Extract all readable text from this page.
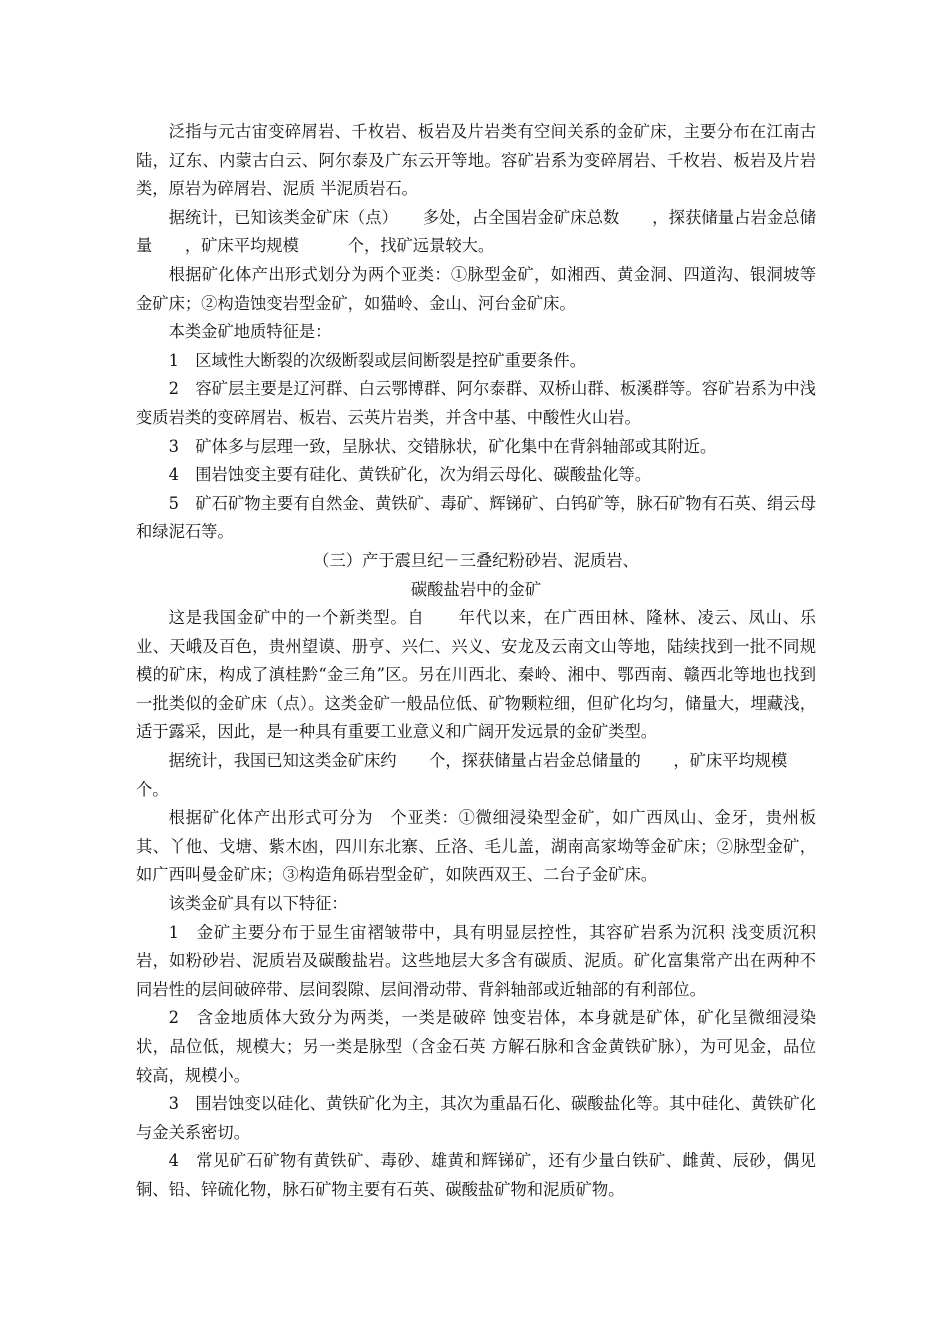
泛指与元古宙变碎屑岩、千枚岩、板岩及片岩类有空间关系的金矿床，主要分布在江南古陆，辽东、内蒙古白云、阿尔泰及广东云开等地。容矿岩系为变碎屑岩、千枚岩、板岩及片岩类，原岩为碎屑岩、泥质 半泥质岩石。

据统计，已知该类金矿床（点）　　多处，占全国岩金矿床总数　　，探获储量占岩金总储量　　，矿床平均规模　　　个，找矿远景较大。

根据矿化体产出形式划分为两个亚类：①脉型金矿，如湘西、黄金洞、四道沟、银洞坡等金矿床；②构造蚀变岩型金矿，如猫岭、金山、河台金矿床。

本类金矿地质特征是：

1　区域性大断裂的次级断裂或层间断裂是控矿重要条件。

2　容矿层主要是辽河群、白云鄂博群、阿尔泰群、双桥山群、板溪群等。容矿岩系为中浅变质岩类的变碎屑岩、板岩、云英片岩类，并含中基、中酸性火山岩。

3　矿体多与层理一致，呈脉状、交错脉状，矿化集中在背斜轴部或其附近。

4　围岩蚀变主要有硅化、黄铁矿化，次为绢云母化、碳酸盐化等。

5　矿石矿物主要有自然金、黄铁矿、毒矿、辉锑矿、白钨矿等，脉石矿物有石英、绢云母和绿泥石等。

（三）产于震旦纪－三叠纪粉砂岩、泥质岩、

碳酸盐岩中的金矿

这是我国金矿中的一个新类型。自　　年代以来，在广西田林、隆林、凌云、凤山、乐业、天峨及百色，贵州望谟、册亨、兴仁、兴义、安龙及云南文山等地，陆续找到一批不同规模的矿床，构成了滇桂黔“金三角”区。另在川西北、秦岭、湘中、鄂西南、赣西北等地也找到一批类似的金矿床（点）。这类金矿一般品位低、矿物颗粒细，但矿化均匀，储量大，埋藏浅，适于露采，因此，是一种具有重要工业意义和广阔开发远景的金矿类型。

据统计，我国已知这类金矿床约　　个，探获储量占岩金总储量的　　，矿床平均规模
个。

根据矿化体产出形式可分为　个亚类：①微细浸染型金矿，如广西凤山、金牙，贵州板其、丫他、戈塘、紫木凼，四川东北寨、丘洛、毛儿盖，湖南高家坳等金矿床；②脉型金矿，如广西叫曼金矿床；③构造角砾岩型金矿，如陕西双王、二台子金矿床。

该类金矿具有以下特征：

1　金矿主要分布于显生宙褶皱带中，具有明显层控性，其容矿岩系为沉积 浅变质沉积岩，如粉砂岩、泥质岩及碳酸盐岩。这些地层大多含有碳质、泥质。矿化富集常产出在两种不同岩性的层间破碎带、层间裂隙、层间滑动带、背斜轴部或近轴部的有利部位。

2　含金地质体大致分为两类，一类是破碎 蚀变岩体，本身就是矿体，矿化呈微细浸染状，品位低，规模大；另一类是脉型（含金石英 方解石脉和含金黄铁矿脉），为可见金，品位较高，规模小。

3　围岩蚀变以硅化、黄铁矿化为主，其次为重晶石化、碳酸盐化等。其中硅化、黄铁矿化与金关系密切。

4　常见矿石矿物有黄铁矿、毒砂、雄黄和辉锑矿，还有少量白铁矿、雌黄、辰砂，偶见铜、铅、锌硫化物，脉石矿物主要有石英、碳酸盐矿物和泥质矿物。
